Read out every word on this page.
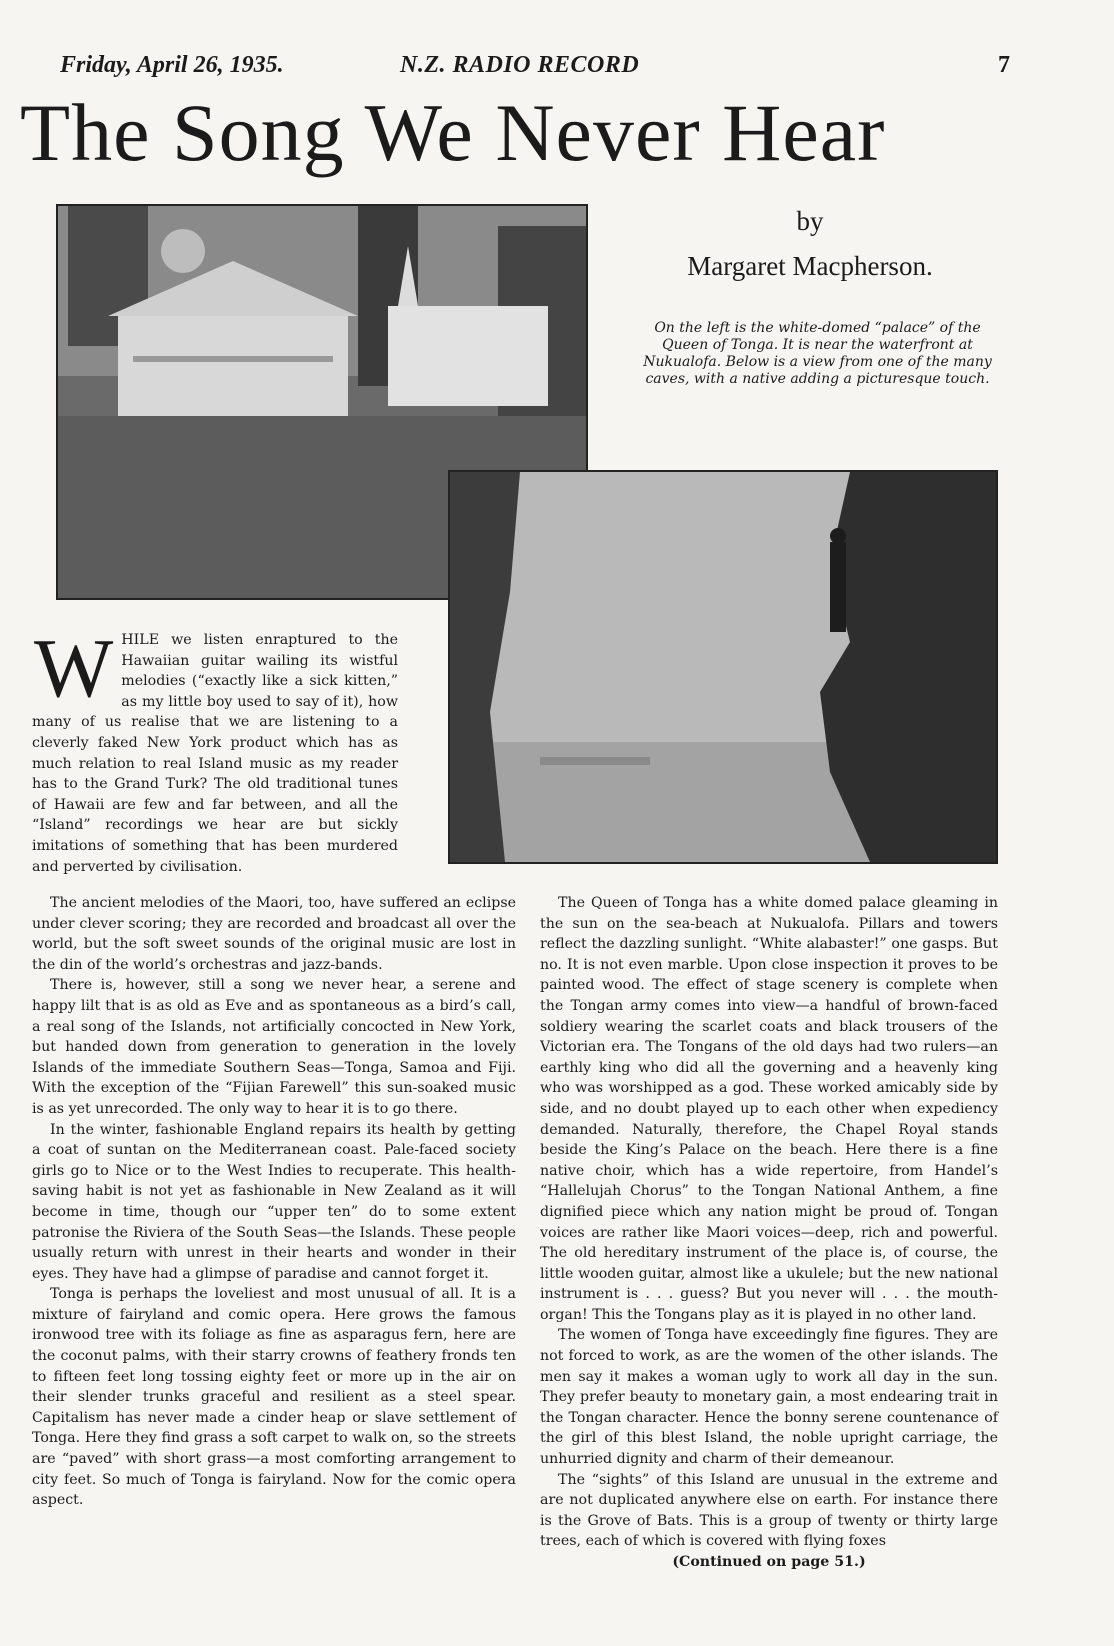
Friday, April 26, 1935.	N.Z. RADIO RECORD	7
The Song We Never Hear
by
Margaret Macpherson.
On the left is the white-domed “palace” of the Queen of Tonga. It is near the waterfront at Nukualofa. Below is a view from one of the many caves, with a native adding a picturesque touch.
W HILE we listen enraptured to the Hawaiian guitar wailing its wistful melodies (“exactly like a sick kitten,” as my little boy used to say of it), how many of us realise that we are listening to a cleverly faked New York product which has as much relation to real Island music as my reader has to the Grand Turk? The old traditional tunes of Hawaii are few and far between, and all the “Island” recordings we hear are but sickly imitations of something that has been murdered and perverted by civilisation.

The ancient melodies of the Maori, too, have suffered an eclipse under clever scoring; they are recorded and broadcast all over the world, but the soft sweet sounds of the original music are lost in the din of the world’s orchestras and jazz-bands.

There is, however, still a song we never hear, a serene and happy lilt that is as old as Eve and as spontaneous as a bird’s call, a real song of the Islands, not artificially concocted in New York, but handed down from generation to generation in the lovely Islands of the immediate Southern Seas—Tonga, Samoa and Fiji. With the exception of the “Fijian Farewell” this sun-soaked music is as yet unrecorded. The only way to hear it is to go there.

In the winter, fashionable England repairs its health by getting a coat of suntan on the Mediterranean coast. Pale-faced society girls go to Nice or to the West Indies to recuperate. This health-saving habit is not yet as fashionable in New Zealand as it will become in time, though our “upper ten” do to some extent patronise the Riviera of the South Seas—the Islands. These people usually return with unrest in their hearts and wonder in their eyes. They have had a glimpse of paradise and cannot forget it.

Tonga is perhaps the loveliest and most unusual of all. It is a mixture of fairyland and comic opera. Here grows the famous ironwood tree with its foliage as fine as asparagus fern, here are the coconut palms, with their starry crowns of feathery fronds ten to fifteen feet long tossing eighty feet or more up in the air on their slender trunks graceful and resilient as a steel spear. Capitalism has never made a cinder heap or slave settlement of Tonga. Here they find grass a soft carpet to walk on, so the streets are “paved” with short grass—a most comforting arrangement to city feet. So much of Tonga is fairyland. Now for the comic opera aspect.

The Queen of Tonga has a white domed palace gleaming in the sun on the sea-beach at Nukualofa. Pillars and towers reflect the dazzling sunlight. “White alabaster!” one gasps. But no. It is not even marble. Upon close inspection it proves to be painted wood. The effect of stage scenery is complete when the Tongan army comes into view—a handful of brown-faced soldiery wearing the scarlet coats and black trousers of the Victorian era. The Tongans of the old days had two rulers—an earthly king who did all the governing and a heavenly king who was worshipped as a god. These worked amicably side by side, and no doubt played up to each other when expediency demanded. Naturally, therefore, the Chapel Royal stands beside the King’s Palace on the beach. Here there is a fine native choir, which has a wide repertoire, from Handel’s “Hallelujah Chorus” to the Tongan National Anthem, a fine dignified piece which any nation might be proud of. Tongan voices are rather like Maori voices—deep, rich and powerful. The old hereditary instrument of the place is, of course, the little wooden guitar, almost like a ukulele; but the new national instrument is . . . guess? But you never will . . . the mouth-organ! This the Tongans play as it is played in no other land.

The women of Tonga have exceedingly fine figures. They are not forced to work, as are the women of the other islands. The men say it makes a woman ugly to work all day in the sun. They prefer beauty to monetary gain, a most endearing trait in the Tongan character. Hence the bonny serene countenance of the girl of this blest Island, the noble upright carriage, the unhurried dignity and charm of their demeanour.

The “sights” of this Island are unusual in the extreme and are not duplicated anywhere else on earth. For instance there is the Grove of Bats. This is a group of twenty or thirty large trees, each of which is covered with flying foxes

(Continued on page 51.)
